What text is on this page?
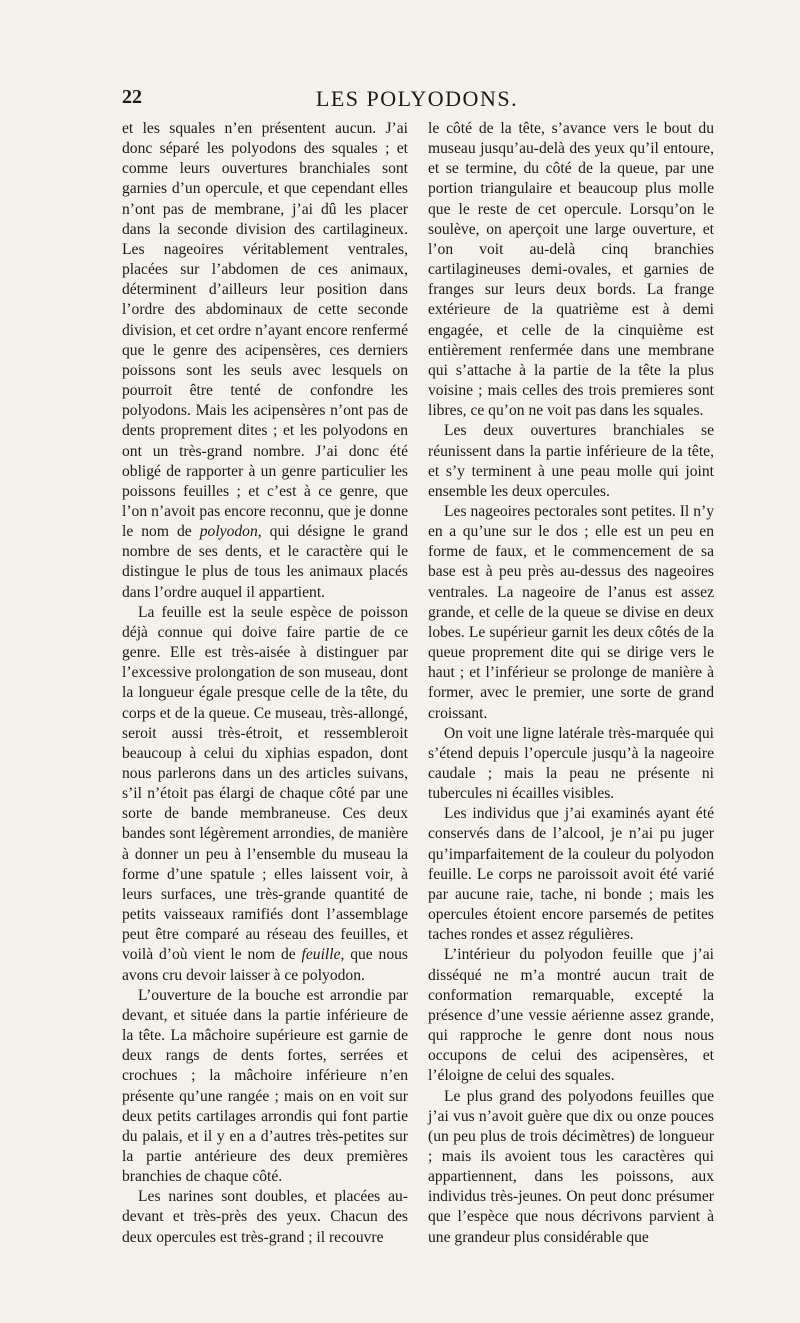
22	LES POLYODONS.

et les squales n’en présentent aucun. J’ai donc séparé les polyodons des squales ; et comme leurs ouvertures branchiales sont garnies d’un opercule, et que cependant elles n’ont pas de membrane, j’ai dû les placer dans la seconde division des cartilagineux. Les nageoires véritablement ventrales, placées sur l’abdomen de ces animaux, déterminent d’ailleurs leur position dans l’ordre des abdominaux de cette seconde division, et cet ordre n’ayant encore renfermé que le genre des acipensères, ces derniers poissons sont les seuls avec lesquels on pourroit être tenté de confondre les polyodons. Mais les acipensères n’ont pas de dents proprement dites ; et les polyodons en ont un très-grand nombre. J’ai donc été obligé de rapporter à un genre particulier les poissons feuilles ; et c’est à ce genre, que l’on n’avoit pas encore reconnu, que je donne le nom de polyodon, qui désigne le grand nombre de ses dents, et le caractère qui le distingue le plus de tous les animaux placés dans l’ordre auquel il appartient.

La feuille est la seule espèce de poisson déjà connue qui doive faire partie de ce genre. Elle est très-aisée à distinguer par l’excessive prolongation de son museau, dont la longueur égale presque celle de la tête, du corps et de la queue. Ce museau, très-allongé, seroit aussi très-étroit, et ressembleroit beaucoup à celui du xiphias espadon, dont nous parlerons dans un des articles suivans, s’il n’étoit pas élargi de chaque côté par une sorte de bande membraneuse. Ces deux bandes sont légèrement arrondies, de manière à donner un peu à l’ensemble du museau la forme d’une spatule ; elles laissent voir, à leurs surfaces, une très-grande quantité de petits vaisseaux ramifiés dont l’assemblage peut être comparé au réseau des feuilles, et voilà d’où vient le nom de feuille, que nous avons cru devoir laisser à ce polyodon.

L’ouverture de la bouche est arrondie par devant, et située dans la partie inférieure de la tête. La mâchoire supérieure est garnie de deux rangs de dents fortes, serrées et crochues ; la mâchoire inférieure n’en présente qu’une rangée ; mais on en voit sur deux petits cartilages arrondis qui font partie du palais, et il y en a d’autres très-petites sur la partie antérieure des deux premières branchies de chaque côté.

Les narines sont doubles, et placées au-devant et très-près des yeux. Chacun des deux opercules est très-grand ; il recouvre

le côté de la tête, s’avance vers le bout du museau jusqu’au-delà des yeux qu’il entoure, et se termine, du côté de la queue, par une portion triangulaire et beaucoup plus molle que le reste de cet opercule. Lorsqu’on le soulève, on aperçoit une large ouverture, et l’on voit au-delà cinq branchies cartilagineuses demi-ovales, et garnies de franges sur leurs deux bords. La frange extérieure de la quatrième est à demi engagée, et celle de la cinquième est entièrement renfermée dans une membrane qui s’attache à la partie de la tête la plus voisine ; mais celles des trois premieres sont libres, ce qu’on ne voit pas dans les squales.

Les deux ouvertures branchiales se réunissent dans la partie inférieure de la tête, et s’y terminent à une peau molle qui joint ensemble les deux opercules.

Les nageoires pectorales sont petites. Il n’y en a qu’une sur le dos ; elle est un peu en forme de faux, et le commencement de sa base est à peu près au-dessus des nageoires ventrales. La nageoire de l’anus est assez grande, et celle de la queue se divise en deux lobes. Le supérieur garnit les deux côtés de la queue proprement dite qui se dirige vers le haut ; et l’inférieur se prolonge de manière à former, avec le premier, une sorte de grand croissant.

On voit une ligne latérale très-marquée qui s’étend depuis l’opercule jusqu’à la nageoire caudale ; mais la peau ne présente ni tubercules ni écailles visibles.

Les individus que j’ai examinés ayant été conservés dans de l’alcool, je n’ai pu juger qu’imparfaitement de la couleur du polyodon feuille. Le corps ne paroissoit avoit été varié par aucune raie, tache, ni bonde ; mais les opercules étoient encore parsemés de petites taches rondes et assez régulières.

L’intérieur du polyodon feuille que j’ai disséqué ne m’a montré aucun trait de conformation remarquable, excepté la présence d’une vessie aérienne assez grande, qui rapproche le genre dont nous nous occupons de celui des acipensères, et l’éloigne de celui des squales.

Le plus grand des polyodons feuilles que j’ai vus n’avoit guère que dix ou onze pouces (un peu plus de trois décimètres) de longueur ; mais ils avoient tous les caractères qui appartiennent, dans les poissons, aux individus très-jeunes. On peut donc présumer que l’espèce que nous décrivons parvient à une grandeur plus considérable que
